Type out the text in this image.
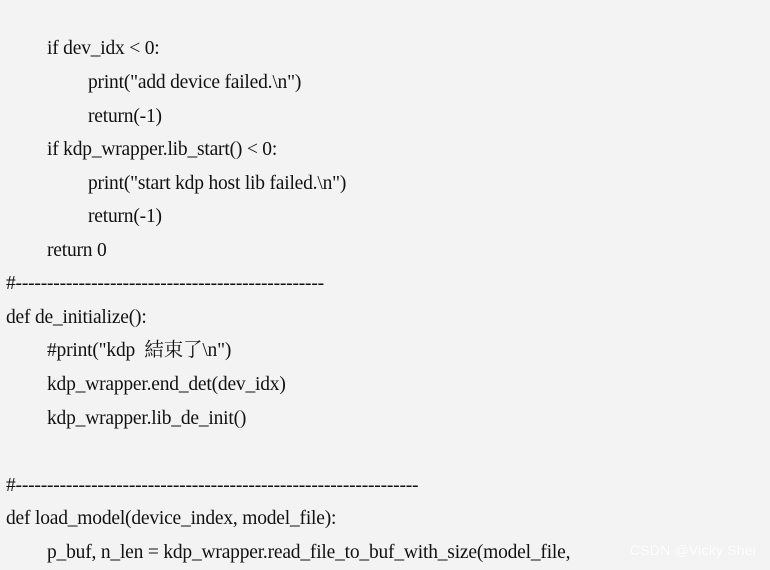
if dev_idx < 0:
print("add device failed.\n")
return(-1)
if kdp_wrapper.lib_start() < 0:
print("start kdp host lib failed.\n")
return(-1)
return 0
#-------------------------------------------------
def de_initialize():
#print("kdp  結束了\n")
kdp_wrapper.end_det(dev_idx)
kdp_wrapper.lib_de_init()
#----------------------------------------------------------------
def load_model(device_index, model_file):
p_buf, n_len = kdp_wrapper.read_file_to_buf_with_size(model_file,	CSDN @Vicky Shei
